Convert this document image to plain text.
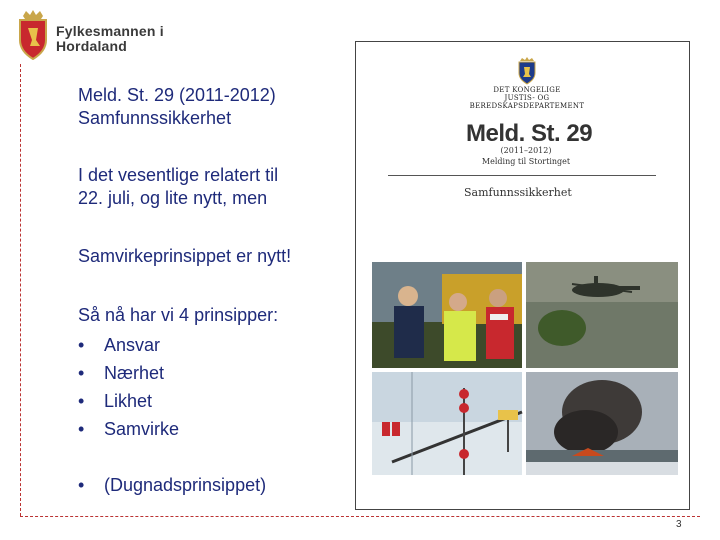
Fylkesmannen i
Hordaland
Meld. St. 29 (2011-2012)
Samfunnssikkerhet
I det vesentlige relatert til
22. juli, og lite nytt, men
Samvirkeprinsippet er nytt!
Så nå har vi 4 prinsipper:
• Ansvar
• Nærhet
• Likhet
• Samvirke
• (Dugnadsprinsippet)
DET KONGELIGE
JUSTIS- OG BEREDSKAPSDEPARTEMENT
Meld. St. 29
(2011–2012)
Melding til Stortinget
Samfunnssikkerhet
3
